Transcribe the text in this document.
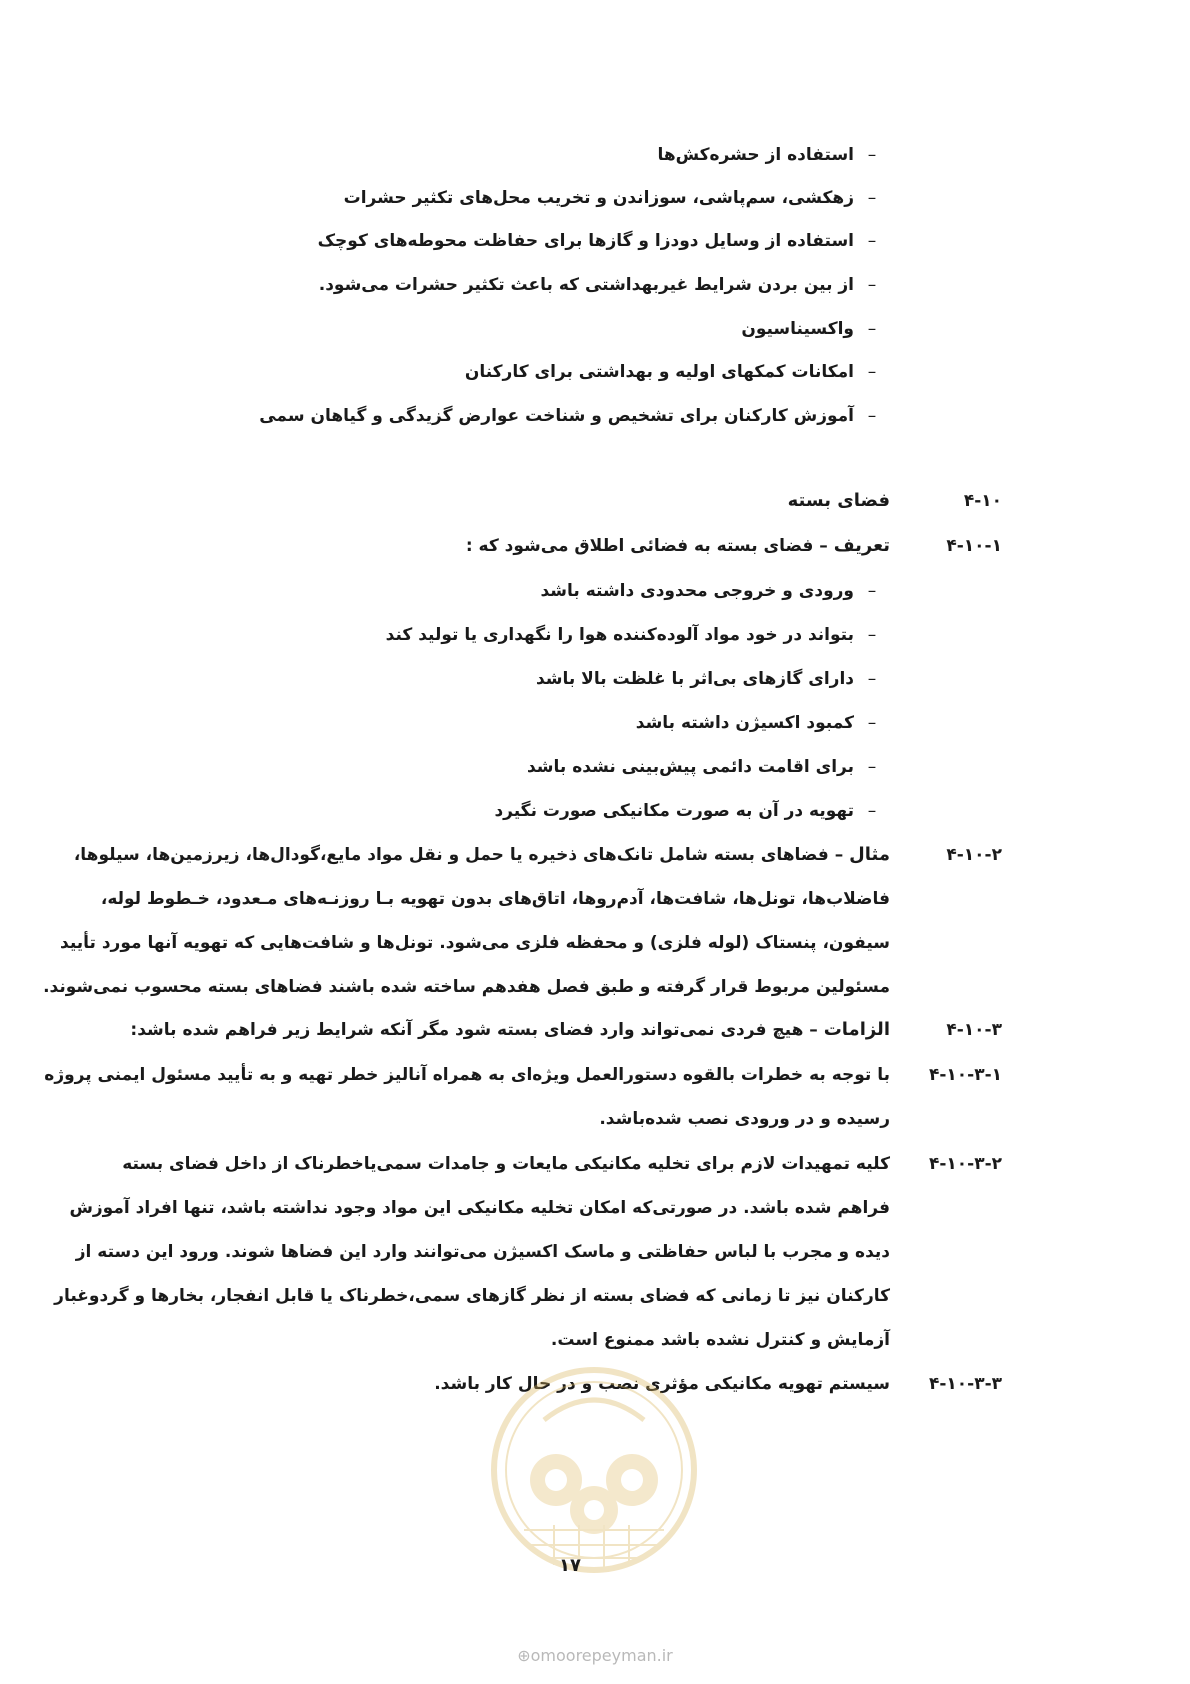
– استفاده از حشره‌کش‌ها
– زهکشی، سم‌پاشی، سوزاندن و تخریب محل‌های تکثیر حشرات
– استفاده از وسایل دودزا و گازها برای حفاظت محوطه‌های کوچک
– از بین بردن شرایط غیربهداشتی که باعث تکثیر حشرات می‌شود.
– واکسیناسیون
– امکانات کمکهای اولیه و بهداشتی برای کارکنان
– آموزش کارکنان برای تشخیص و شناخت عوارض گزیدگی و گیاهان سمی
۴-۱۰
فضای بسته
۴-۱۰-۱
تعریف – فضای بسته به فضائی اطلاق می‌شود که :
– ورودی و خروجی محدودی داشته باشد
– بتواند در خود مواد آلوده‌کننده هوا را نگهداری یا تولید کند
– دارای گازهای بی‌اثر با غلظت بالا باشد
– کمبود اکسیژن داشته باشد
– برای اقامت دائمی پیش‌بینی نشده باشد
– تهویه در آن به صورت مکانیکی صورت نگیرد
۴-۱۰-۲
مثال – فضاهای بسته شامل تانک‌های ذخیره یا حمل و نقل مواد مایع،گودال‌ها، زیرزمین‌ها، سیلوها،
فاضلاب‌ها، تونل‌ها، شافت‌ها، آدم‌روها، اتاق‌های بدون تهویه بـا روزنـه‌های مـعدود، خـطوط لوله،
سیفون، پنستاک (لوله فلزی) و محفظه فلزی می‌شود. تونل‌ها و شافت‌هایی که تهویه آنها مورد تأیید
مسئولین مربوط قرار گرفته و طبق فصل هفدهم ساخته شده باشند فضاهای بسته محسوب نمی‌شوند.
۴-۱۰-۳
الزامات – هیچ فردی نمی‌تواند وارد فضای بسته شود مگر آنکه شرایط زیر فراهم شده باشد:
۴-۱۰-۳-۱
با توجه به خطرات بالقوه دستورالعمل ویژه‌ای به همراه آنالیز خطر تهیه و به تأیید مسئول ایمنی پروژه
رسیده و در ورودی نصب شده‌باشد.
۴-۱۰-۳-۲
کلیه تمهیدات لازم برای تخلیه مکانیکی مایعات و جامدات سمی‌یاخطرناک از داخل فضای بسته
فراهم شده باشد. در صورتی‌که امکان تخلیه مکانیکی این مواد وجود نداشته باشد، تنها افراد آموزش
دیده و مجرب با لباس حفاظتی و ماسک اکسیژن می‌توانند وارد این فضاها شوند. ورود این دسته از
کارکنان نیز تا زمانی که فضای بسته از نظر گازهای سمی،خطرناک یا قابل انفجار، بخارها و گردوغبار
آزمایش و کنترل نشده باشد ممنوع است.
۴-۱۰-۳-۳
سیستم تهویه مکانیکی مؤثری نصب و در حال کار باشد.
۱۷
⊕omoorepeyman.ir
